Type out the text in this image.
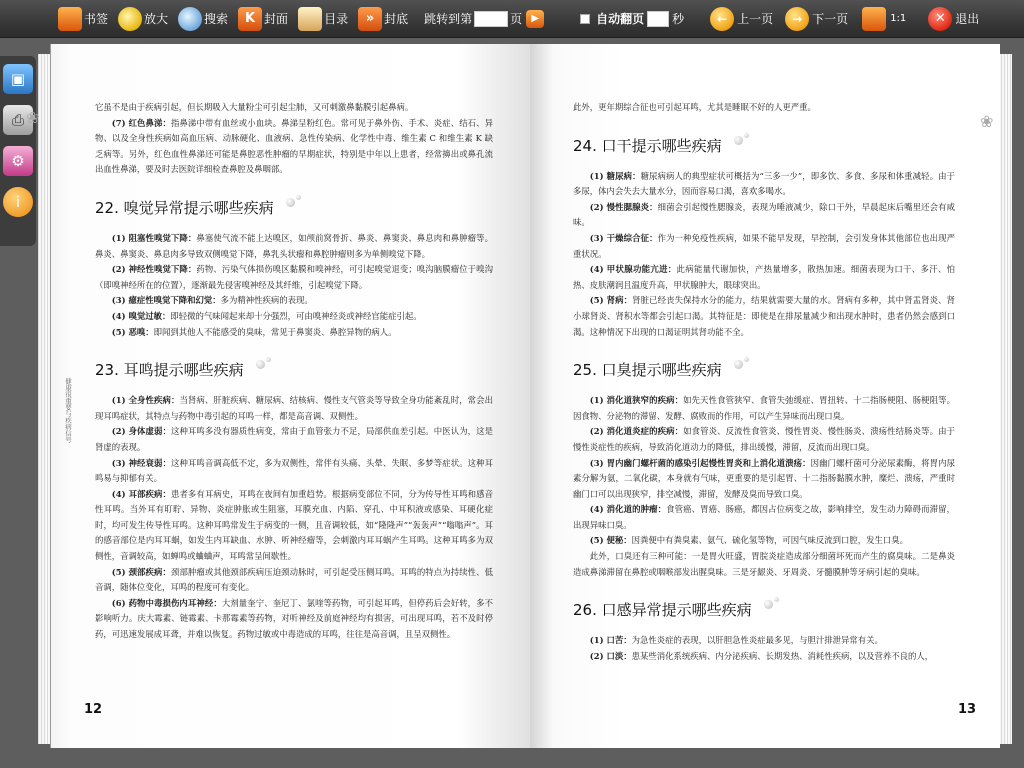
书签	放大	搜索	K 封面	目录	» 封底 跳转到第	页 ▶	自动翻页 秒	← 上一页	→ 下一页	1:1	✕ 退出
▣
⎙
⚙
i
❀	❀
健康很重要与疾病信号

它虽不是由于疾病引起，但长期吸入大量粉尘可引起尘肺，又可刺激鼻黏膜引起鼻病。

(7) 红色鼻涕：指鼻涕中带有血丝或小血块。鼻涕呈粉红色。常可见于鼻外伤、手术、炎症、结石、异物、以及全身性疾病如高血压病、动脉硬化、血液病、急性传染病、化学性中毒、维生素 C 和维生素 K 缺乏病等。另外，红色血性鼻涕还可能是鼻腔恶性肿瘤的早期症状，特别是中年以上患者，经常擤出或鼻孔流出血性鼻涕，要及时去医院详细检查鼻腔及鼻咽部。

22. 嗅觉异常提示哪些疾病

(1) 阻塞性嗅觉下降：鼻塞使气流不能上达嗅区，如颅前窝骨折、鼻炎、鼻窦炎、鼻息肉和鼻肿瘤等。鼻炎、鼻窦炎、鼻息肉多导致双侧嗅觉下降，鼻乳头状瘤和鼻腔肿瘤则多为单侧嗅觉下降。

(2) 神经性嗅觉下降：药物、污染气体损伤嗅区黏膜和嗅神经，可引起嗅觉退变；嗅沟脑膜瘤位于嗅沟（即嗅神经所在的位置），逐渐最先侵害嗅神经及其纤维，引起嗅觉下降。

(3) 癔症性嗅觉下降和幻觉：多为精神性疾病的表现。

(4) 嗅觉过敏：即轻微的气味闻起来却十分强烈，可由嗅神经炎或神经官能症引起。

(5) 恶嗅：即闻到其他人不能感受的臭味，常见于鼻窦炎、鼻腔异物的病人。

23. 耳鸣提示哪些疾病

(1) 全身性疾病：当肾病、肝脏疾病、糖尿病、结核病、慢性支气管炎等导致全身功能紊乱时，常会出现耳鸣症状，其特点与药物中毒引起的耳鸣一样，都是高音调、双侧性。

(2) 身体虚弱：这种耳鸣多没有器质性病变，常由于血管张力不足，局部供血差引起。中医认为，这是肾虚的表现。

(3) 神经衰弱：这种耳鸣音调高低不定，多为双侧性，常伴有头痛、头晕、失眠、多梦等症状。这种耳鸣易与抑郁有关。

(4) 耳部疾病：患者多有耳病史，耳鸣在夜间有加重趋势。根据病变部位不同，分为传导性耳鸣和感音性耳鸣。当外耳有耵聍、异物、炎症肿胀或生阻塞，耳膜充血、内陷、穿孔、中耳积液或感染、耳硬化症时，均可发生传导性耳鸣。这种耳鸣常发生于病变的一侧，且音调较低，如“隆隆声”“轰轰声”“嗡嗡声”。耳的感音部位是内耳耳蜗，如发生内耳缺血、水肿、听神经瘤等，会刺激内耳耳蜗产生耳鸣。这种耳鸣多为双侧性，音调较高，如蝉鸣或蛐蛐声，耳鸣常呈间歇性。

(5) 颈部疾病：颈部肿瘤或其他颈部疾病压迫颈动脉时，可引起受压侧耳鸣。耳鸣的特点为持续性、低音调，随体位变化，耳鸣的程度可有变化。

(6) 药物中毒损伤内耳神经：大剂量奎宁、奎尼丁、氯喹等药物，可引起耳鸣，但停药后会好转，多不影响听力。庆大霉素、链霉素、卡那霉素等药物，对听神经及前庭神经均有损害，可出现耳鸣，若不及时停药，可迅速发展成耳聋，并难以恢复。药物过敏或中毒造成的耳鸣，往往是高音调，且呈双侧性。

此外，更年期综合征也可引起耳鸣，尤其是睡眠不好的人更严重。

24. 口干提示哪些疾病

(1) 糖尿病：糖尿病病人的典型症状可概括为“三多一少”，即多饮、多食、多尿和体重减轻。由于多尿，体内会失去大量水分，因而容易口渴，喜欢多喝水。

(2) 慢性腮腺炎：细菌会引起慢性腮腺炎，表现为唾液减少，除口干外，早晨起床后嘴里还会有咸味。

(3) 干燥综合征：作为一种免疫性疾病，如果不能早发现，早控制，会引发身体其他部位也出现严重状况。

(4) 甲状腺功能亢进：此病能量代谢加快，产热量增多，散热加速。细菌表现为口干、多汗、怕热、皮肤潮润且温度升高，甲状腺肿大，眼球突出。

(5) 肾病：肾脏已经丧失保持水分的能力，结果就需要大量的水。肾病有多种，其中肾盂肾炎、肾小球肾炎、肾积水等都会引起口渴。其特征是：即使是在排尿量减少和出现水肿时，患者仍然会感到口渴。这种情况下出现的口渴证明其肾功能不全。

25. 口臭提示哪些疾病

(1) 消化道狭窄的疾病：如先天性食管狭窄、食管失弛缓症、胃扭转、十二指肠梗阻、肠梗阻等。因食物、分泌物的滞留、发酵、腐败而的作用，可以产生异味而出现口臭。

(2) 消化道炎症的疾病：如食管炎、反流性食管炎、慢性胃炎、慢性肠炎、溃疡性结肠炎等。由于慢性炎症性的疾病，导致消化道动力的降低，排出缓慢，滞留，反流而出现口臭。

(3) 胃内幽门螺杆菌的感染引起慢性胃炎和上消化道溃疡：因幽门螺杆菌可分泌尿素酶，将胃内尿素分解为氨，二氧化碳，本身就有气味，更重要的是引起胃、十二指肠黏膜水肿，糜烂、溃疡，严重时幽门口可以出现狭窄，排空减慢，滞留，发酵及臭而导致口臭。

(4) 消化道的肿瘤：食管癌、胃癌、肠癌，都因占位病变之故，影响排空，发生动力障碍而滞留，出现异味口臭。

(5) 便秘：因粪便中有粪臭素、氨气、硫化氢等物，可因气味反流到口腔，发生口臭。

此外，口臭还有三种可能：一是胃火旺盛，胃脘炎症造成部分细菌坏死而产生的腐臭味。二是鼻炎造成鼻涕滞留在鼻腔或咽喉部发出腥臭味。三是牙龈炎、牙周炎、牙髓膜肿等牙病引起的臭味。

26. 口感异常提示哪些疾病

(1) 口苦：为急性炎症的表现，以肝胆急性炎症最多见，与胆汁排泄异常有关。

(2) 口淡：患某些消化系统疾病、内分泌疾病、长期发热、消耗性疾病，以及营养不良的人，

12	13
